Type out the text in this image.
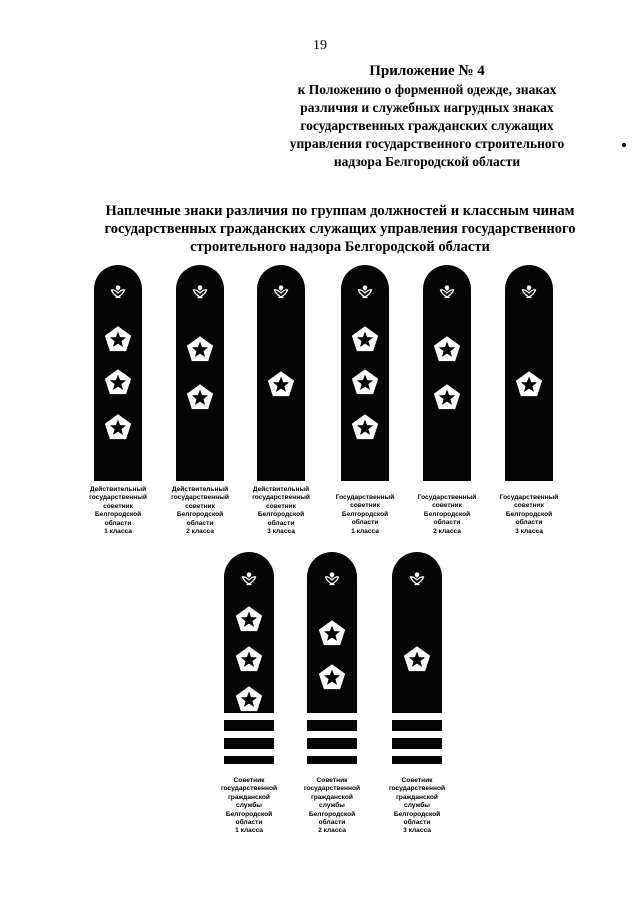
19
Приложение № 4
к Положению о форменной одежде, знаках
различия и служебных нагрудных знаках
государственных гражданских служащих
управления государственного строительного
надзора Белгородской области
Наплечные знаки различия по группам должностей и классным чинам
государственных гражданских служащих управления государственного
строительного надзора Белгородской области
Действительный
государственный
советник
Белгородской
области
1 класса
Действительный
государственный
советник
Белгородской
области
2 класса
Действительный
государственный
советник
Белгородской
области
3 класса
Государственный
советник
Белгородской
области
1 класса
Государственный
советник
Белгородской
области
2 класса
Государственный
советник
Белгородской
области
3 класса
Советник
государственной
гражданской
службы
Белгородской
области
1 класса
Советник
государственной
гражданской
службы
Белгородской
области
2 класса
Советник
государственной
гражданской
службы
Белгородской
области
3 класса
